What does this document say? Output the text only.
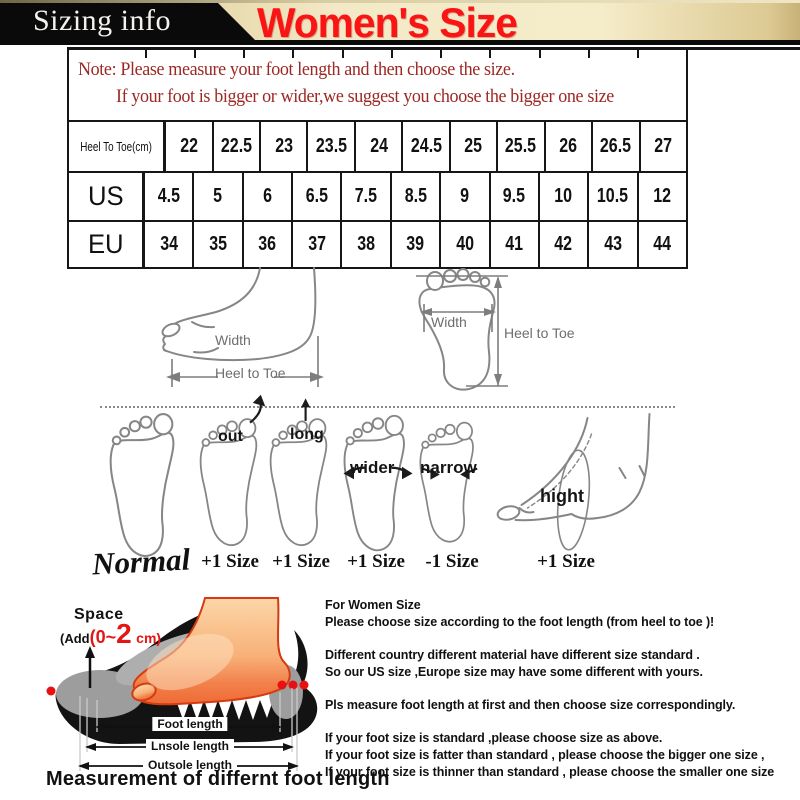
Sizing info Women's Size
Note: Please measure your foot length and then choose the size.
If your foot is bigger or wider,we suggest you choose the bigger one size
Heel To Toe(cm) 22 22.5 23 23.5 24 24.5 25 25.5 26 26.5 27
US 4.5 5 6 6.5 7.5 8.5 9 9.5 10 10.5 12
EU 34 35 36 37 38 39 40 41 42 43 44
Width
Heel to Toe
Width
Heel to Toe
Normal
out	long
wider narrow
hight
+1 Size +1 Size +1 Size -1 Size	+1 Size
Space
(Add(0~2 cm)
Foot length
Lnsole length
Outsole length
Measurement of differnt foot length

For Women Size
Please choose size according to the foot length (from heel to toe )!

Different country different material have different size standard .
So our US size ,Europe size may have some different with yours.

Pls measure foot length at first and then choose size correspondingly.

If your foot size is standard ,please choose size as above.
If your foot size is fatter than standard , please choose the bigger one size ,
If your foot size is thinner than standard , please choose the smaller one size
